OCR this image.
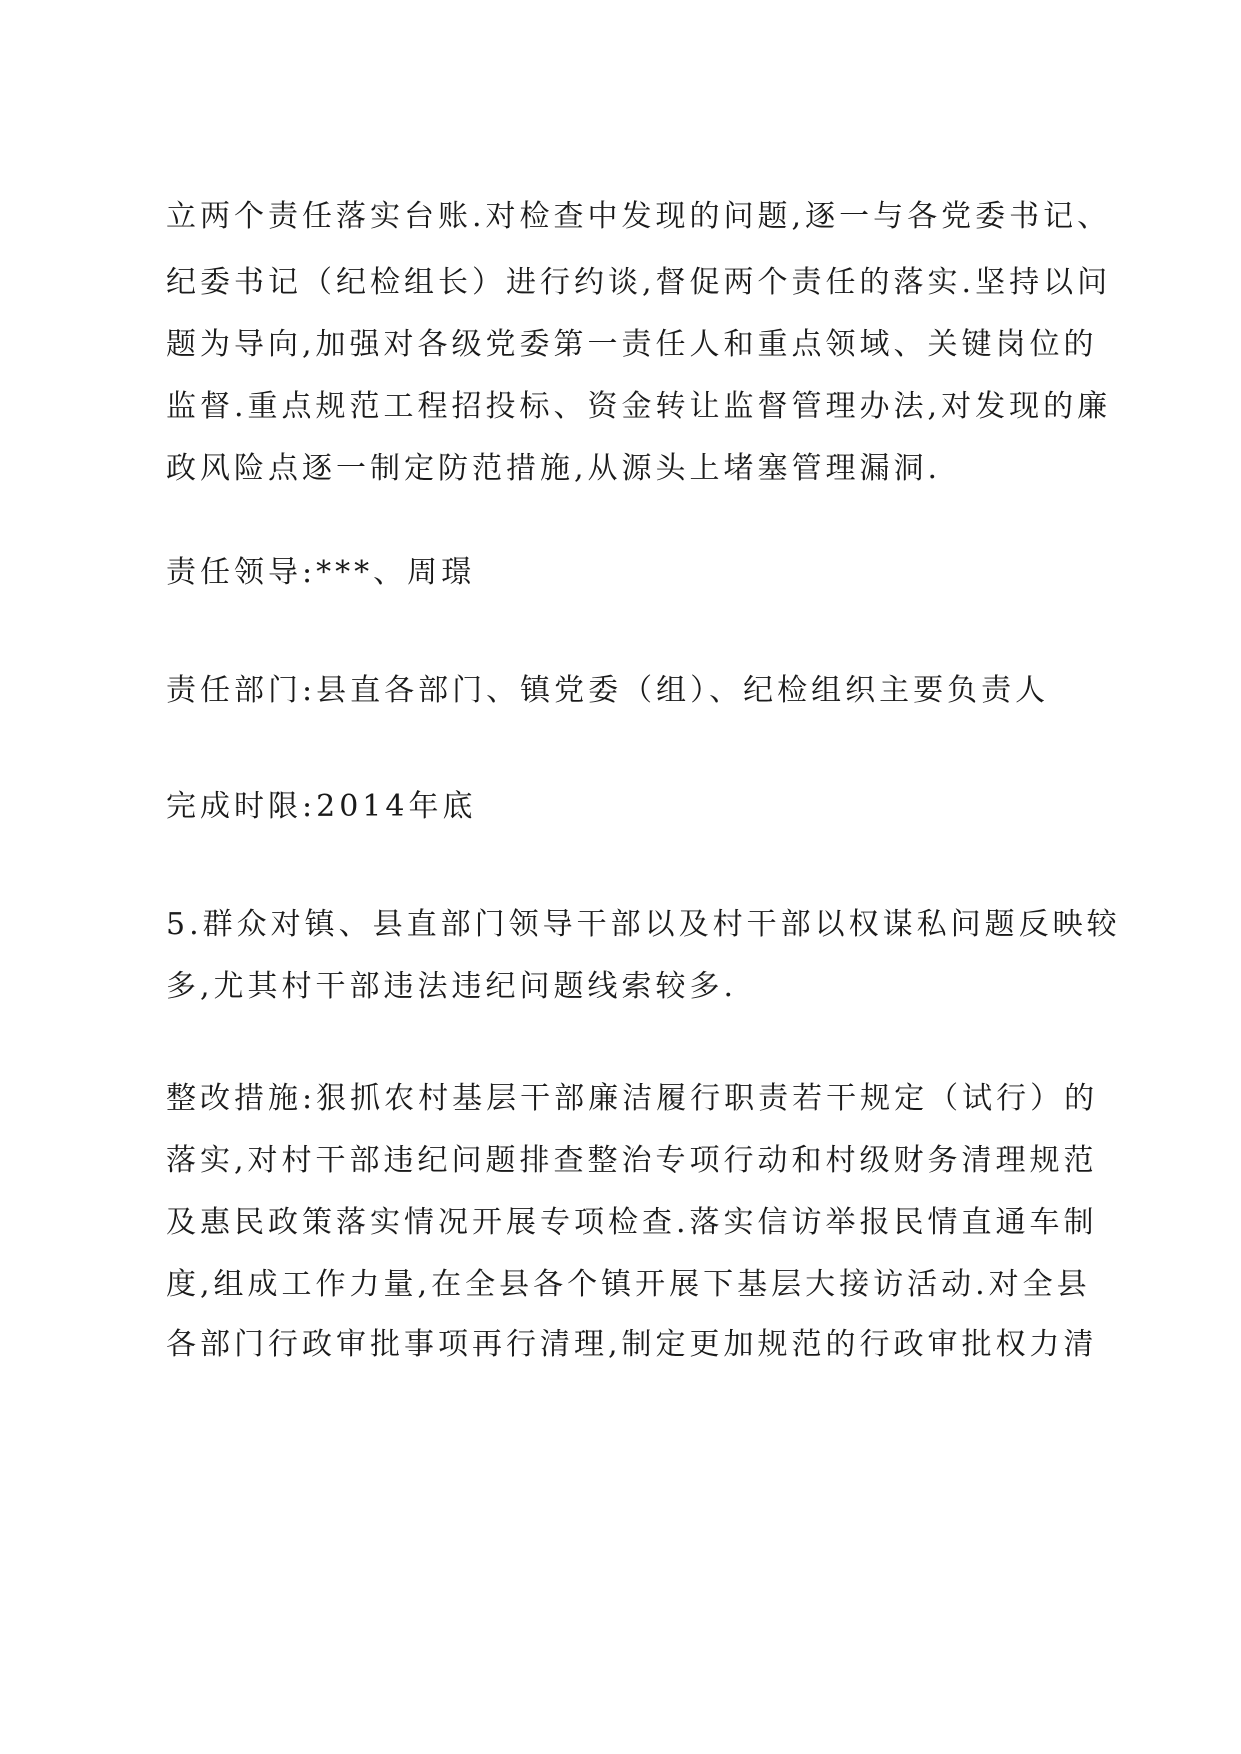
立两个责任落实台账.对检查中发现的问题,逐一与各党委书记、
纪委书记（纪检组长）进行约谈,督促两个责任的落实.坚持以问
题为导向,加强对各级党委第一责任人和重点领域、关键岗位的
监督.重点规范工程招投标、资金转让监督管理办法,对发现的廉
政风险点逐一制定防范措施,从源头上堵塞管理漏洞.
责任领导:***、周璟
责任部门:县直各部门、镇党委（组）、纪检组织主要负责人
完成时限:2014年底
5.群众对镇、县直部门领导干部以及村干部以权谋私问题反映较
多,尤其村干部违法违纪问题线索较多.
整改措施:狠抓农村基层干部廉洁履行职责若干规定（试行）的
落实,对村干部违纪问题排查整治专项行动和村级财务清理规范
及惠民政策落实情况开展专项检查.落实信访举报民情直通车制
度,组成工作力量,在全县各个镇开展下基层大接访活动.对全县
各部门行政审批事项再行清理,制定更加规范的行政审批权力清
